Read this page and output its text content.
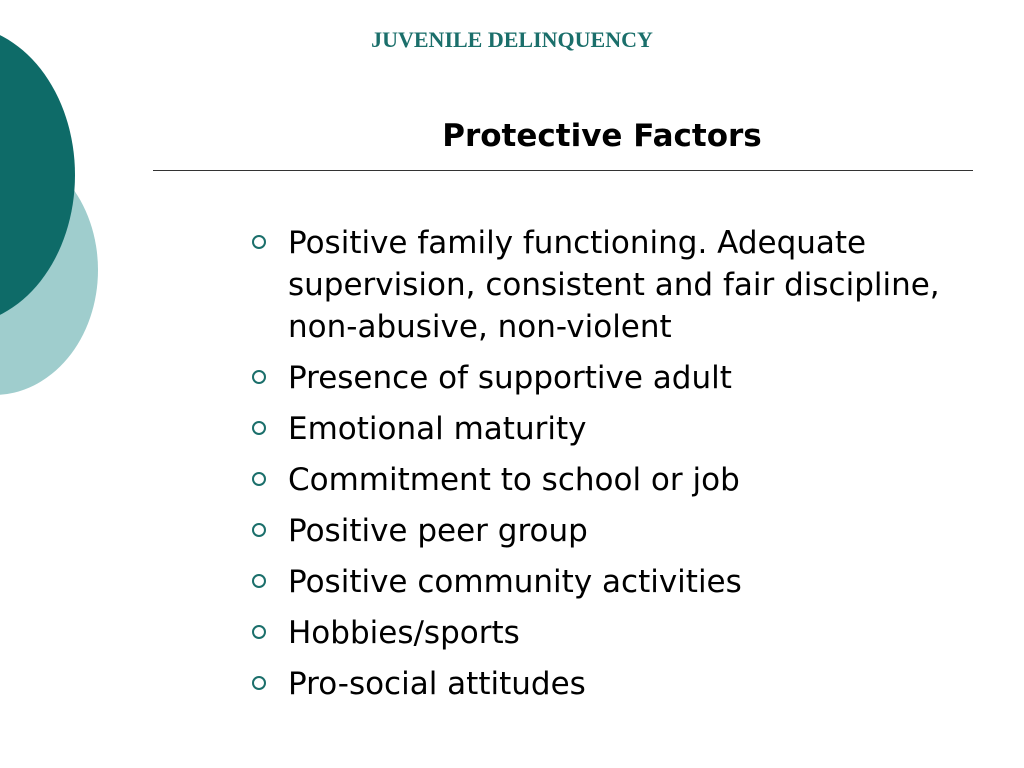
JUVENILE DELINQUENCY
Protective Factors
Positive family functioning. Adequate supervision, consistent and fair discipline, non-abusive, non-violent
Presence of supportive adult
Emotional maturity
Commitment to school or job
Positive peer group
Positive community activities
Hobbies/sports
Pro-social attitudes
